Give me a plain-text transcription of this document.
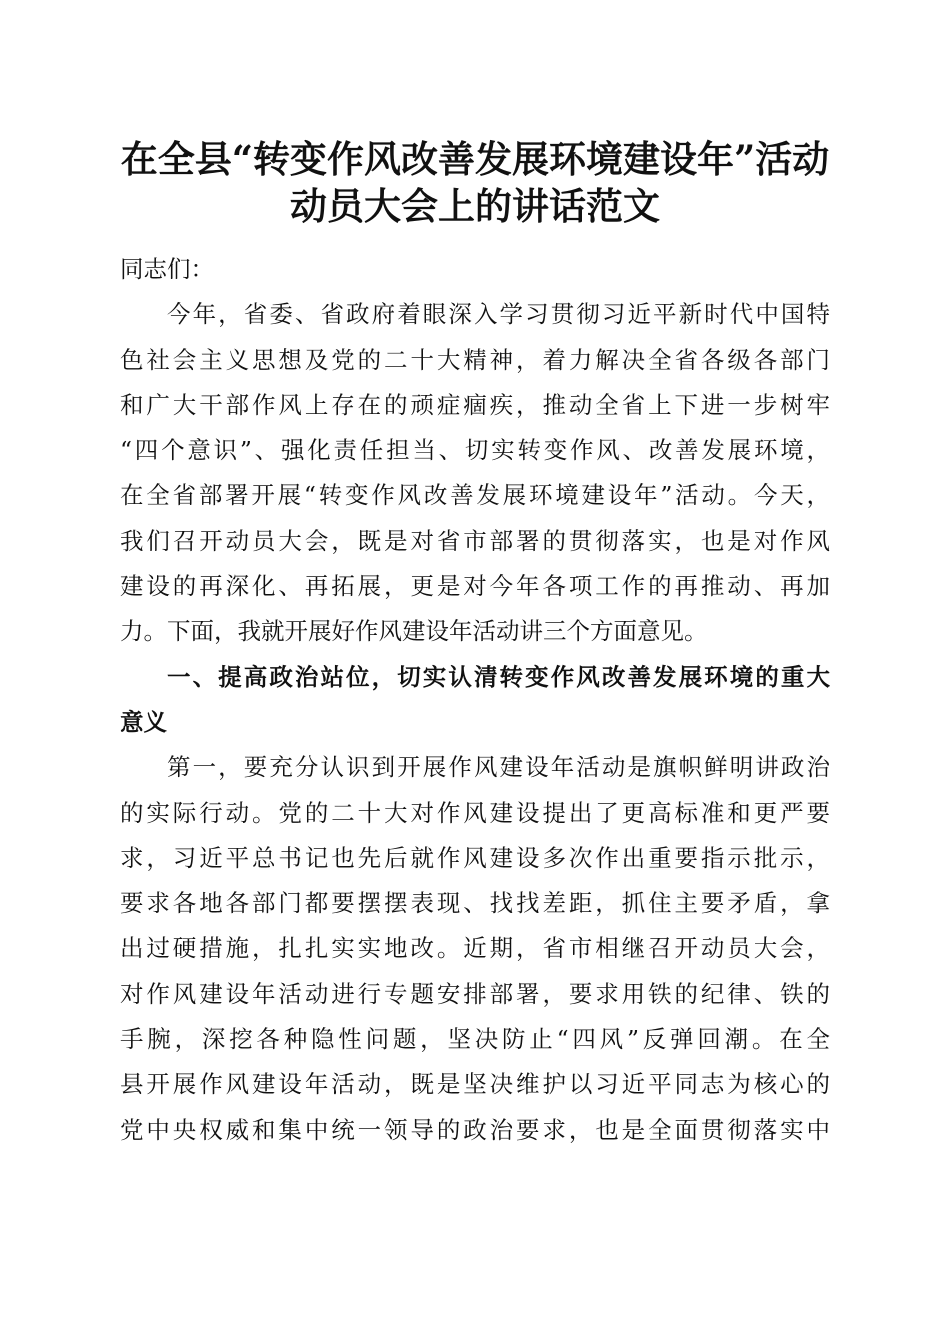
在全县“转变作风改善发展环境建设年”活动
动员大会上的讲话范文
同志们：
今年，省委、省政府着眼深入学习贯彻习近平新时代中国特
色社会主义思想及党的二十大精神，着力解决全省各级各部门
和广大干部作风上存在的顽症痼疾，推动全省上下进一步树牢
“四个意识”、强化责任担当、切实转变作风、改善发展环境，
在全省部署开展“转变作风改善发展环境建设年”活动。今天，
我们召开动员大会，既是对省市部署的贯彻落实，也是对作风
建设的再深化、再拓展，更是对今年各项工作的再推动、再加
力。下面，我就开展好作风建设年活动讲三个方面意见。
一、提高政治站位，切实认清转变作风改善发展环境的重大
意义
第一，要充分认识到开展作风建设年活动是旗帜鲜明讲政治
的实际行动。党的二十大对作风建设提出了更高标准和更严要
求，习近平总书记也先后就作风建设多次作出重要指示批示，
要求各地各部门都要摆摆表现、找找差距，抓住主要矛盾，拿
出过硬措施，扎扎实实地改。近期，省市相继召开动员大会，
对作风建设年活动进行专题安排部署，要求用铁的纪律、铁的
手腕，深挖各种隐性问题，坚决防止“四风”反弹回潮。在全
县开展作风建设年活动，既是坚决维护以习近平同志为核心的
党中央权威和集中统一领导的政治要求，也是全面贯彻落实中
